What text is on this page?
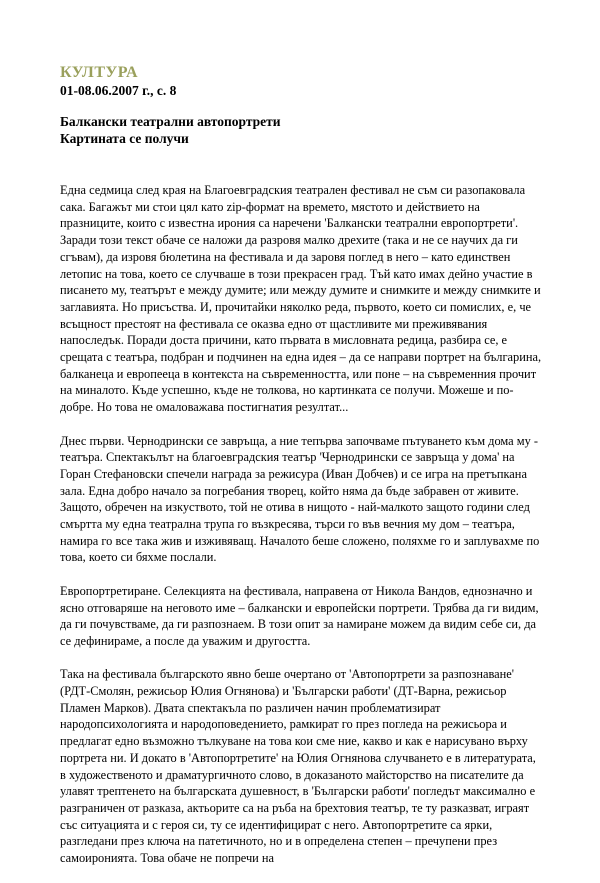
КУЛТУРА

01-08.06.2007 г., с. 8

Балкански театрални автопортрети

Картината се получи

Една седмица след края на Благоевградския театрален фестивал не съм си разопаковала сака. Багажът ми стои цял като zip-формат на времето, мястото и действието на празниците, които с известна ирония са наречени 'Балкански театрални европортрети'. Заради този текст обаче се наложи да разровя малко дрехите (така и не се научих да ги сгъвам), да изровя бюлетина на фестивала и да заровя поглед в него – като единствен летопис на това, което се случваше в този прекрасен град. Тъй като имах дейно участие в писането му, театърът е между думите; или между думите и снимките и между снимките и заглавията. Но присъства. И, прочитайки няколко реда, първото, което си помислих, е, че всъщност престоят на фестивала се оказва едно от щастливите ми преживявания напоследък. Поради доста причини, като първата в мисловната редица, разбира се, е срещата с театъра, подбран и подчинен на една идея – да се направи портрет на българина, балканеца и европееца в контекста на съвременността, или поне – на съвременния прочит на миналото. Къде успешно, къде не толкова, но картинката се получи. Можеше и по-добре. Но това не омаловажава постигнатия резултат...

Днес първи. Чернодрински се завръща, а ние тепърва започваме пътуването към дома му - театъра. Спектакълът на благоевградския театър 'Чернодрински се завръща у дома' на Горан Стефановски спечели награда за режисура (Иван Добчев) и се игра на претъпкана зала. Една добро начало за погребания творец, който няма да бъде забравен от живите. Защото, обречен на изкуството, той не отива в нищото - най-малкото защото години след смъртта му една театрална трупа го възкресява, търси го във вечния му дом – театъра, намира го все така жив и изживяващ. Началото беше сложено, поляхме го и заплувахме по това, което си бяхме послали.

Европортретиране. Селекцията на фестивала, направена от Никола Вандов, еднозначно и ясно отговаряше на неговото име – балкански и европейски портрети. Трябва да ги видим, да ги почувстваме, да ги разпознаем. В този опит за намиране можем да видим себе си, да се дефинираме, а после да уважим и другостта.

Така на фестивала българското явно беше очертано от 'Автопортрети за разпознаване' (РДТ-Смолян, режисьор Юлия Огнянова) и 'Български работи' (ДТ-Варна, режисьор Пламен Марков). Двата спектакъла по различен начин проблематизират народопсихологията и народоповедението, рамкират го през погледа на режисьора и предлагат едно възможно тълкуване на това кои сме ние, какво и как е нарисувано върху портрета ни. И докато в 'Автопортретите' на Юлия Огнянова случването е в литературата, в художественото и драматургичното слово, в доказаното майсторство на писателите да улавят трептенето на българската душевност, в 'Български работи' погледът максимално е разграничен от разказа, актьорите са на ръба на брехтовия театър, те ту разказват, играят със ситуацията и с героя си, ту се идентифицират с него. Автопортретите са ярки, разгледани през ключа на патетичното, но и в определена степен – пречупени през самоиронията. Това обаче не попречи на
